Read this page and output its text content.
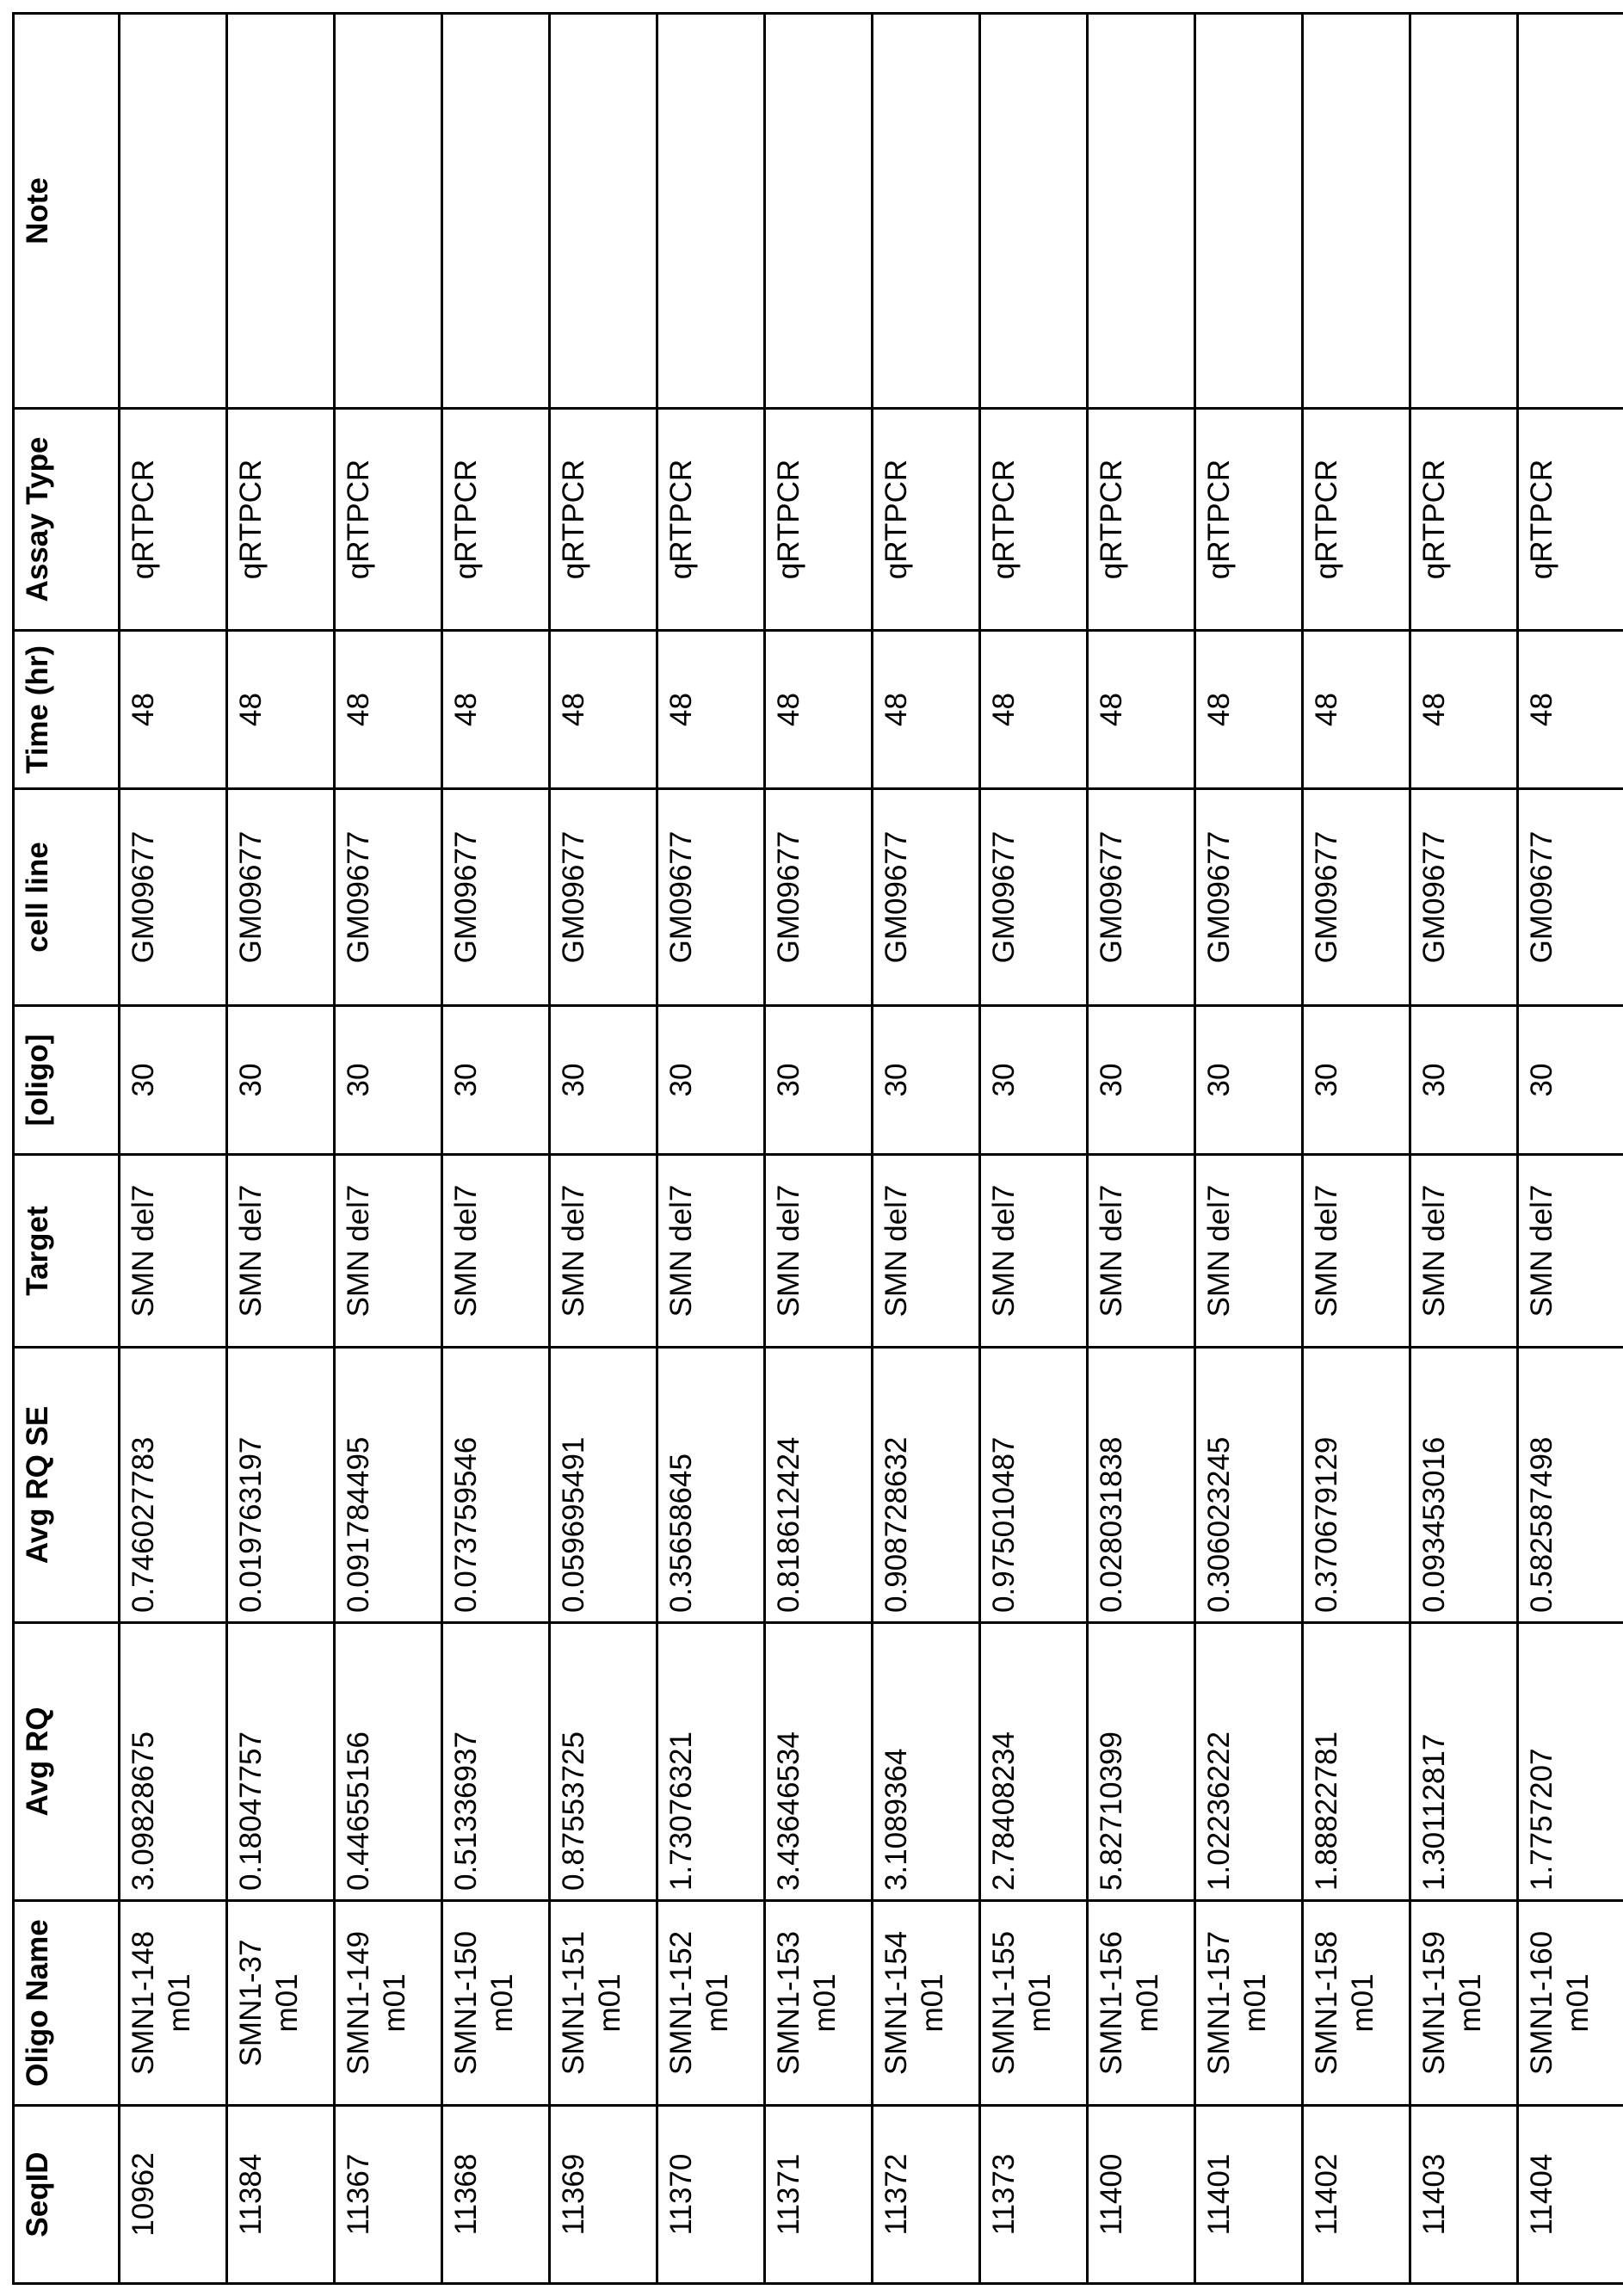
SeqID	Oligo Name	Avg RQ	Avg RQ SE	Target	[oligo]	cell line	Time (hr)	Assay Type	Note
10962	SMN1-148 m01	3.09828675	0.746027783	SMN del7	30	GM09677	48	qRTPCR	
11384	SMN1-37 m01	0.18047757	0.019763197	SMN del7	30	GM09677	48	qRTPCR	
11367	SMN1-149 m01	0.44655156	0.091784495	SMN del7	30	GM09677	48	qRTPCR	
11368	SMN1-150 m01	0.51336937	0.073759546	SMN del7	30	GM09677	48	qRTPCR	
11369	SMN1-151 m01	0.87553725	0.059695491	SMN del7	30	GM09677	48	qRTPCR	
11370	SMN1-152 m01	1.73076321	0.35658645	SMN del7	30	GM09677	48	qRTPCR	
11371	SMN1-153 m01	3.43646534	0.818612424	SMN del7	30	GM09677	48	qRTPCR	
11372	SMN1-154 m01	3.1089364	0.908728632	SMN del7	30	GM09677	48	qRTPCR	
11373	SMN1-155 m01	2.78408234	0.975010487	SMN del7	30	GM09677	48	qRTPCR	
11400	SMN1-156 m01	5.82710399	0.028031838	SMN del7	30	GM09677	48	qRTPCR	
11401	SMN1-157 m01	1.02236222	0.306023245	SMN del7	30	GM09677	48	qRTPCR	
11402	SMN1-158 m01	1.88822781	0.370679129	SMN del7	30	GM09677	48	qRTPCR	
11403	SMN1-159 m01	1.30112817	0.093453016	SMN del7	30	GM09677	48	qRTPCR	
11404	SMN1-160 m01	1.7757207	0.582587498	SMN del7	30	GM09677	48	qRTPCR	
